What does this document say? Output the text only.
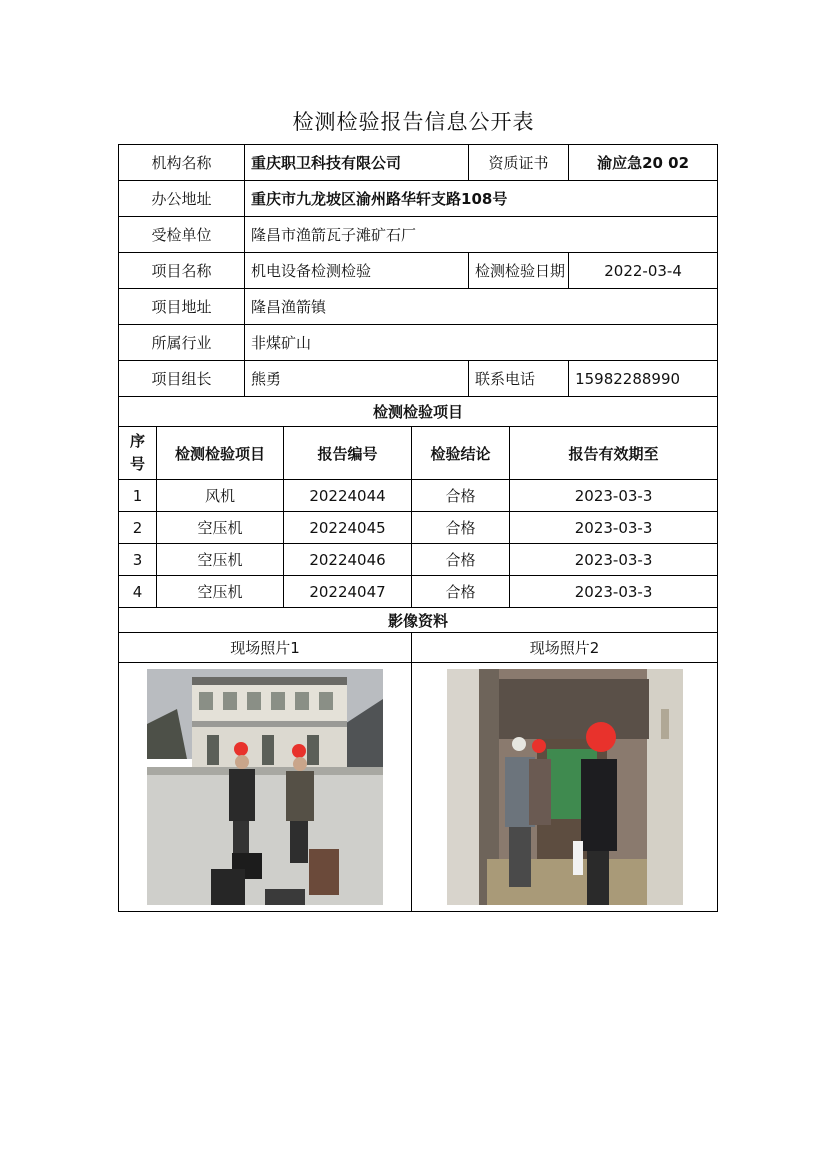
检测检验报告信息公开表
机构名称		重庆职卫科技有限公司			资质证书		渝应急20 02
办公地址		重庆市九龙坡区渝州路华轩支路108号					
受检单位		隆昌市渔箭瓦子滩矿石厂					
项目名称		机电设备检测检验			检测检验日期		2022-03-4
项目地址		隆昌渔箭镇					
所属行业		非煤矿山					
项目组长		熊勇			联系电话		15982288990
检测检验项目							
序号	检测检验项目		报告编号	检验结论		报告有效期至	
1	风机		20224044	合格		2023-03-3	
2	空压机		20224045	合格		2023-03-3	
3	空压机		20224046	合格		2023-03-3	
4	空压机		20224047	合格		2023-03-3	
影像资料							
现场照片1				现场照片2			
